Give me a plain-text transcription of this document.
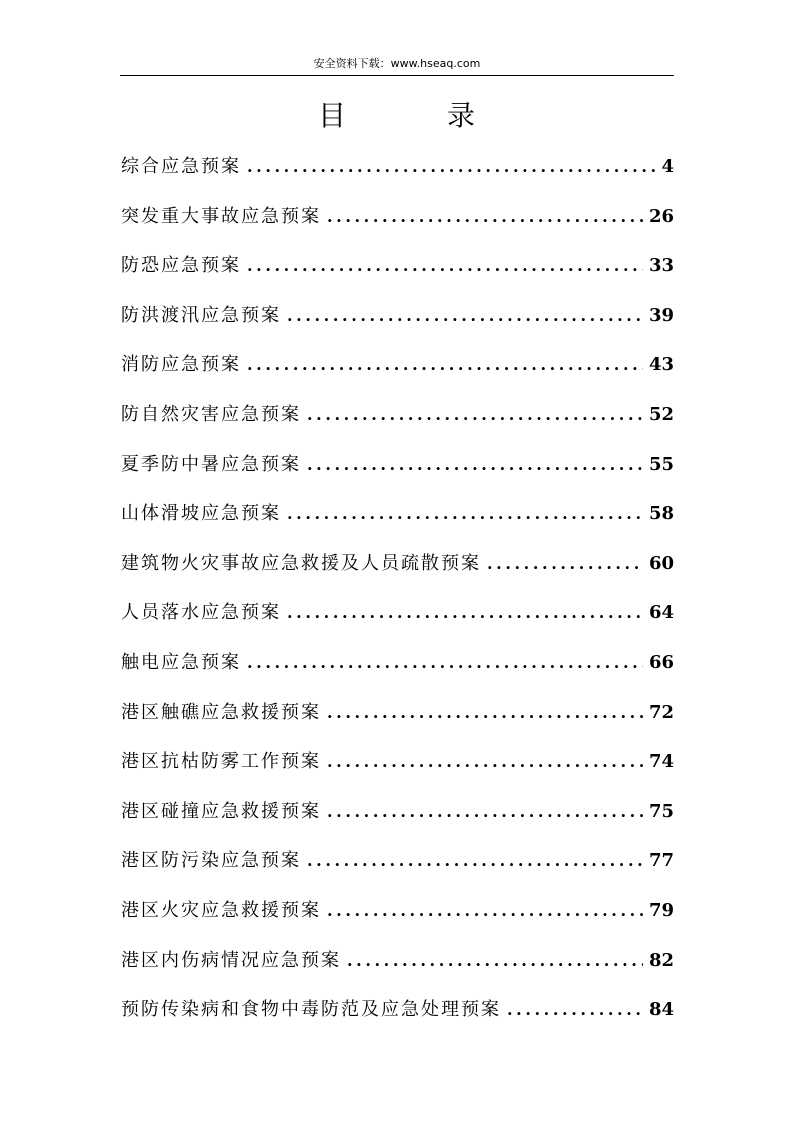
安全资料下载：www.hseaq.com
目 录
综合应急预案 .....	4
突发重大事故应急预案 .....	26
防恐应急预案 .....	33
防洪渡汛应急预案 .....	39
消防应急预案 .....	43
防自然灾害应急预案 .....	52
夏季防中暑应急预案 .....	55
山体滑坡应急预案 .....	58
建筑物火灾事故应急救援及人员疏散预案 .....	60
人员落水应急预案 .....	64
触电应急预案 .....	66
港区触礁应急救援预案 .....	72
港区抗枯防雾工作预案 .....	74
港区碰撞应急救援预案 .....	75
港区防污染应急预案 .....	77
港区火灾应急救援预案 .....	79
港区内伤病情况应急预案 .....	82
预防传染病和食物中毒防范及应急处理预案 .....	84
